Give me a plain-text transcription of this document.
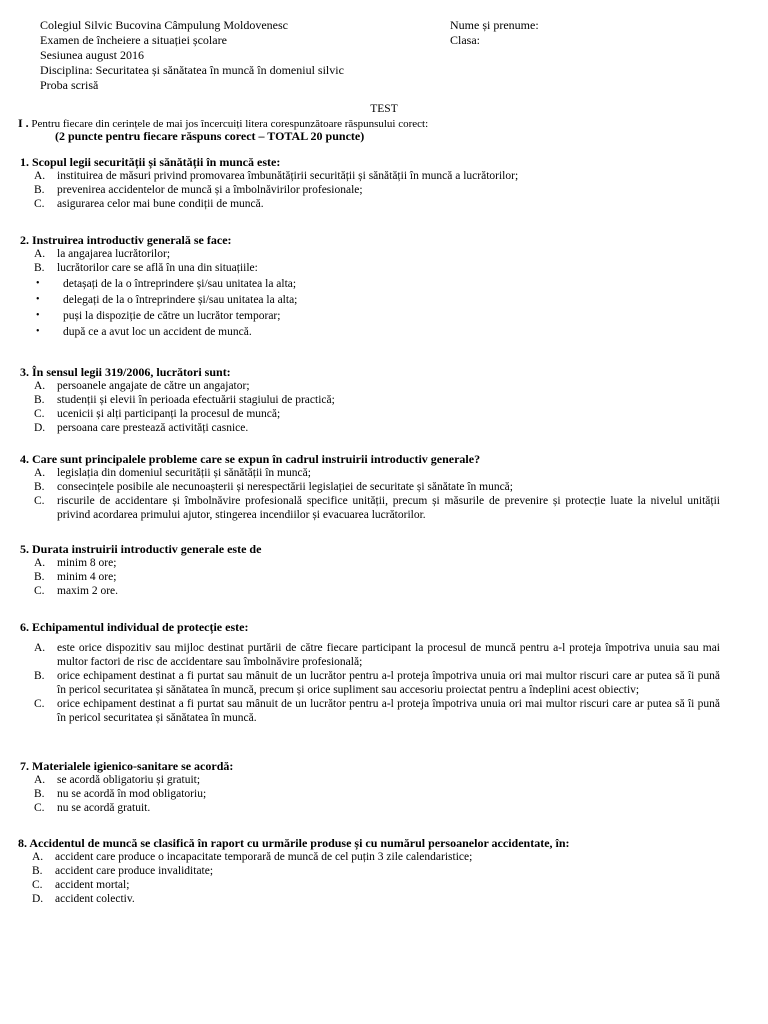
Colegiul Silvic Bucovina Câmpulung Moldovenesc
Examen de încheiere a situației școlare
Sesiunea august 2016
Disciplina: Securitatea și sănătatea în muncă în domeniul silvic
Proba scrisă
Nume și prenume:
Clasa:
TEST
I . Pentru fiecare din cerințele de mai jos încercuiți litera corespunzătoare răspunsului corect:
(2 puncte pentru fiecare răspuns corect – TOTAL 20 puncte)
1. Scopul legii securității și sănătății în muncă este:
A. instituirea de măsuri privind promovarea îmbunătățirii securității și sănătății în muncă a lucrătorilor;
B. prevenirea accidentelor de muncă și a îmbolnăvirilor profesionale;
C. asigurarea celor mai bune condiții de muncă.
2. Instruirea introductiv generală se face:
A. la angajarea lucrătorilor;
B. lucrătorilor care se află în una din situațiile:
• detașați de la o întreprindere și/sau unitatea la alta;
• delegați de la o întreprindere și/sau unitatea la alta;
• puși la dispoziție de către un lucrător temporar;
• după ce a avut loc un accident de muncă.
3. În sensul legii 319/2006, lucrători sunt:
A. persoanele angajate de către un angajator;
B. studenții și elevii în perioada efectuării stagiului de practică;
C. ucenicii și alți participanți la procesul de muncă;
D. persoana care prestează activități casnice.
4. Care sunt principalele probleme care se expun în cadrul instruirii introductiv generale?
A. legislația din domeniul securității și sănătății în muncă;
B. consecințele posibile ale necunoașterii și nerespectării legislației de securitate și sănătate în muncă;
C. riscurile de accidentare și îmbolnăvire profesională specifice unității, precum și măsurile de prevenire și protecție luate la nivelul unității privind acordarea primului ajutor, stingerea incendiilor și evacuarea lucrătorilor.
5. Durata instruirii introductiv generale este de
A. minim 8 ore;
B. minim 4 ore;
C. maxim 2 ore.
6. Echipamentul individual de protecție este:
A. este orice dispozitiv sau mijloc destinat purtării de către fiecare participant la procesul de muncă pentru a-l proteja împotriva unuia sau mai multor factori de risc de accidentare sau îmbolnăvire profesională;
B. orice echipament destinat a fi purtat sau mânuit de un lucrător pentru a-l proteja împotriva unuia ori mai multor riscuri care ar putea să îi pună în pericol securitatea și sănătatea în muncă, precum și orice supliment sau accesoriu proiectat pentru a îndeplini acest obiectiv;
C. orice echipament destinat a fi purtat sau mânuit de un lucrător pentru a-l proteja împotriva unuia ori mai multor riscuri care ar putea să îi pună în pericol securitatea și sănătatea în muncă.
7. Materialele igienico-sanitare se acordă:
A. se acordă obligatoriu și gratuit;
B. nu se acordă în mod obligatoriu;
C. nu se acordă gratuit.
8. Accidentul de muncă se clasifică în raport cu urmările produse și cu numărul persoanelor accidentate, în:
A. accident care produce o incapacitate temporară de muncă de cel puțin 3 zile calendaristice;
B. accident care produce invaliditate;
C. accident mortal;
D. accident colectiv.
